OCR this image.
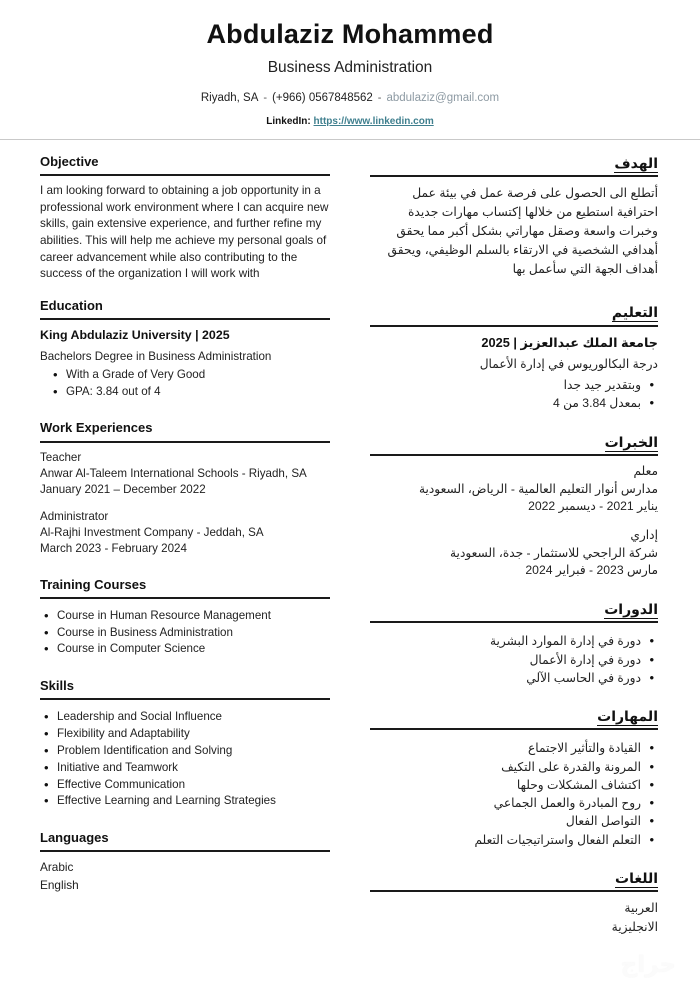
Abdulaziz Mohammed
Business Administration
Riyadh, SA - (+966) 0567848562 - abdulaziz@gmail.com
LinkedIn: https://www.linkedin.com
Objective

I am looking forward to obtaining a job opportunity in a professional work environment where I can acquire new skills, gain extensive experience, and further refine my abilities. This will help me achieve my personal goals of career advancement while also contributing to the success of the organization I will work with

Education
King Abdulaziz University | 2025

Bachelors Degree in Business Administration

• With a Grade of Very Good
• GPA: 3.84 out of 4
Work Experiences

Teacher

Anwar Al-Taleem International Schools - Riyadh, SA

January 2021 – December 2022

Administrator

Al-Rajhi Investment Company - Jeddah, SA

March 2023 - February 2024

Training Courses
• Course in Human Resource Management
• Course in Business Administration
• Course in Computer Science
Skills
• Leadership and Social Influence
• Flexibility and Adaptability
• Problem Identification and Solving
• Initiative and Teamwork
• Effective Communication
• Effective Learning and Learning Strategies
Languages
Arabic
English
الهدف

أتطلع الى الحصول على فرصة عمل في بيئة عمل احترافية استطيع من خلالها إكتساب مهارات جديدة وخبرات واسعة وصقل مهاراتي بشكل أكبر مما يحقق أهدافي الشخصية في الارتقاء بالسلم الوظيفي، ويحقق أهداف الجهة التي سأعمل بها

التعليم
جامعة الملك عبدالعزيز | 2025

درجة البكالوريوس في إدارة الأعمال

• وبتقدير جيد جدا
• بمعدل 3.84 من 4
الخبرات

معلم

مدارس أنوار التعليم العالمية - الرياض، السعودية

يناير 2021 - ديسمبر 2022

إداري

شركة الراجحي للاستثمار - جدة، السعودية

مارس 2023 - فبراير 2024

الدورات
• دورة في إدارة الموارد البشرية
• دورة في إدارة الأعمال
• دورة في الحاسب الآلي
المهارات
• القيادة والتأثير الاجتماع
• المرونة والقدرة على التكيف
• اكتشاف المشكلات وحلها
• روح المبادرة والعمل الجماعي
• التواصل الفعال
• التعلم الفعال واستراتيجيات التعلم
اللغات
العربية
الانجليزية
حراج
